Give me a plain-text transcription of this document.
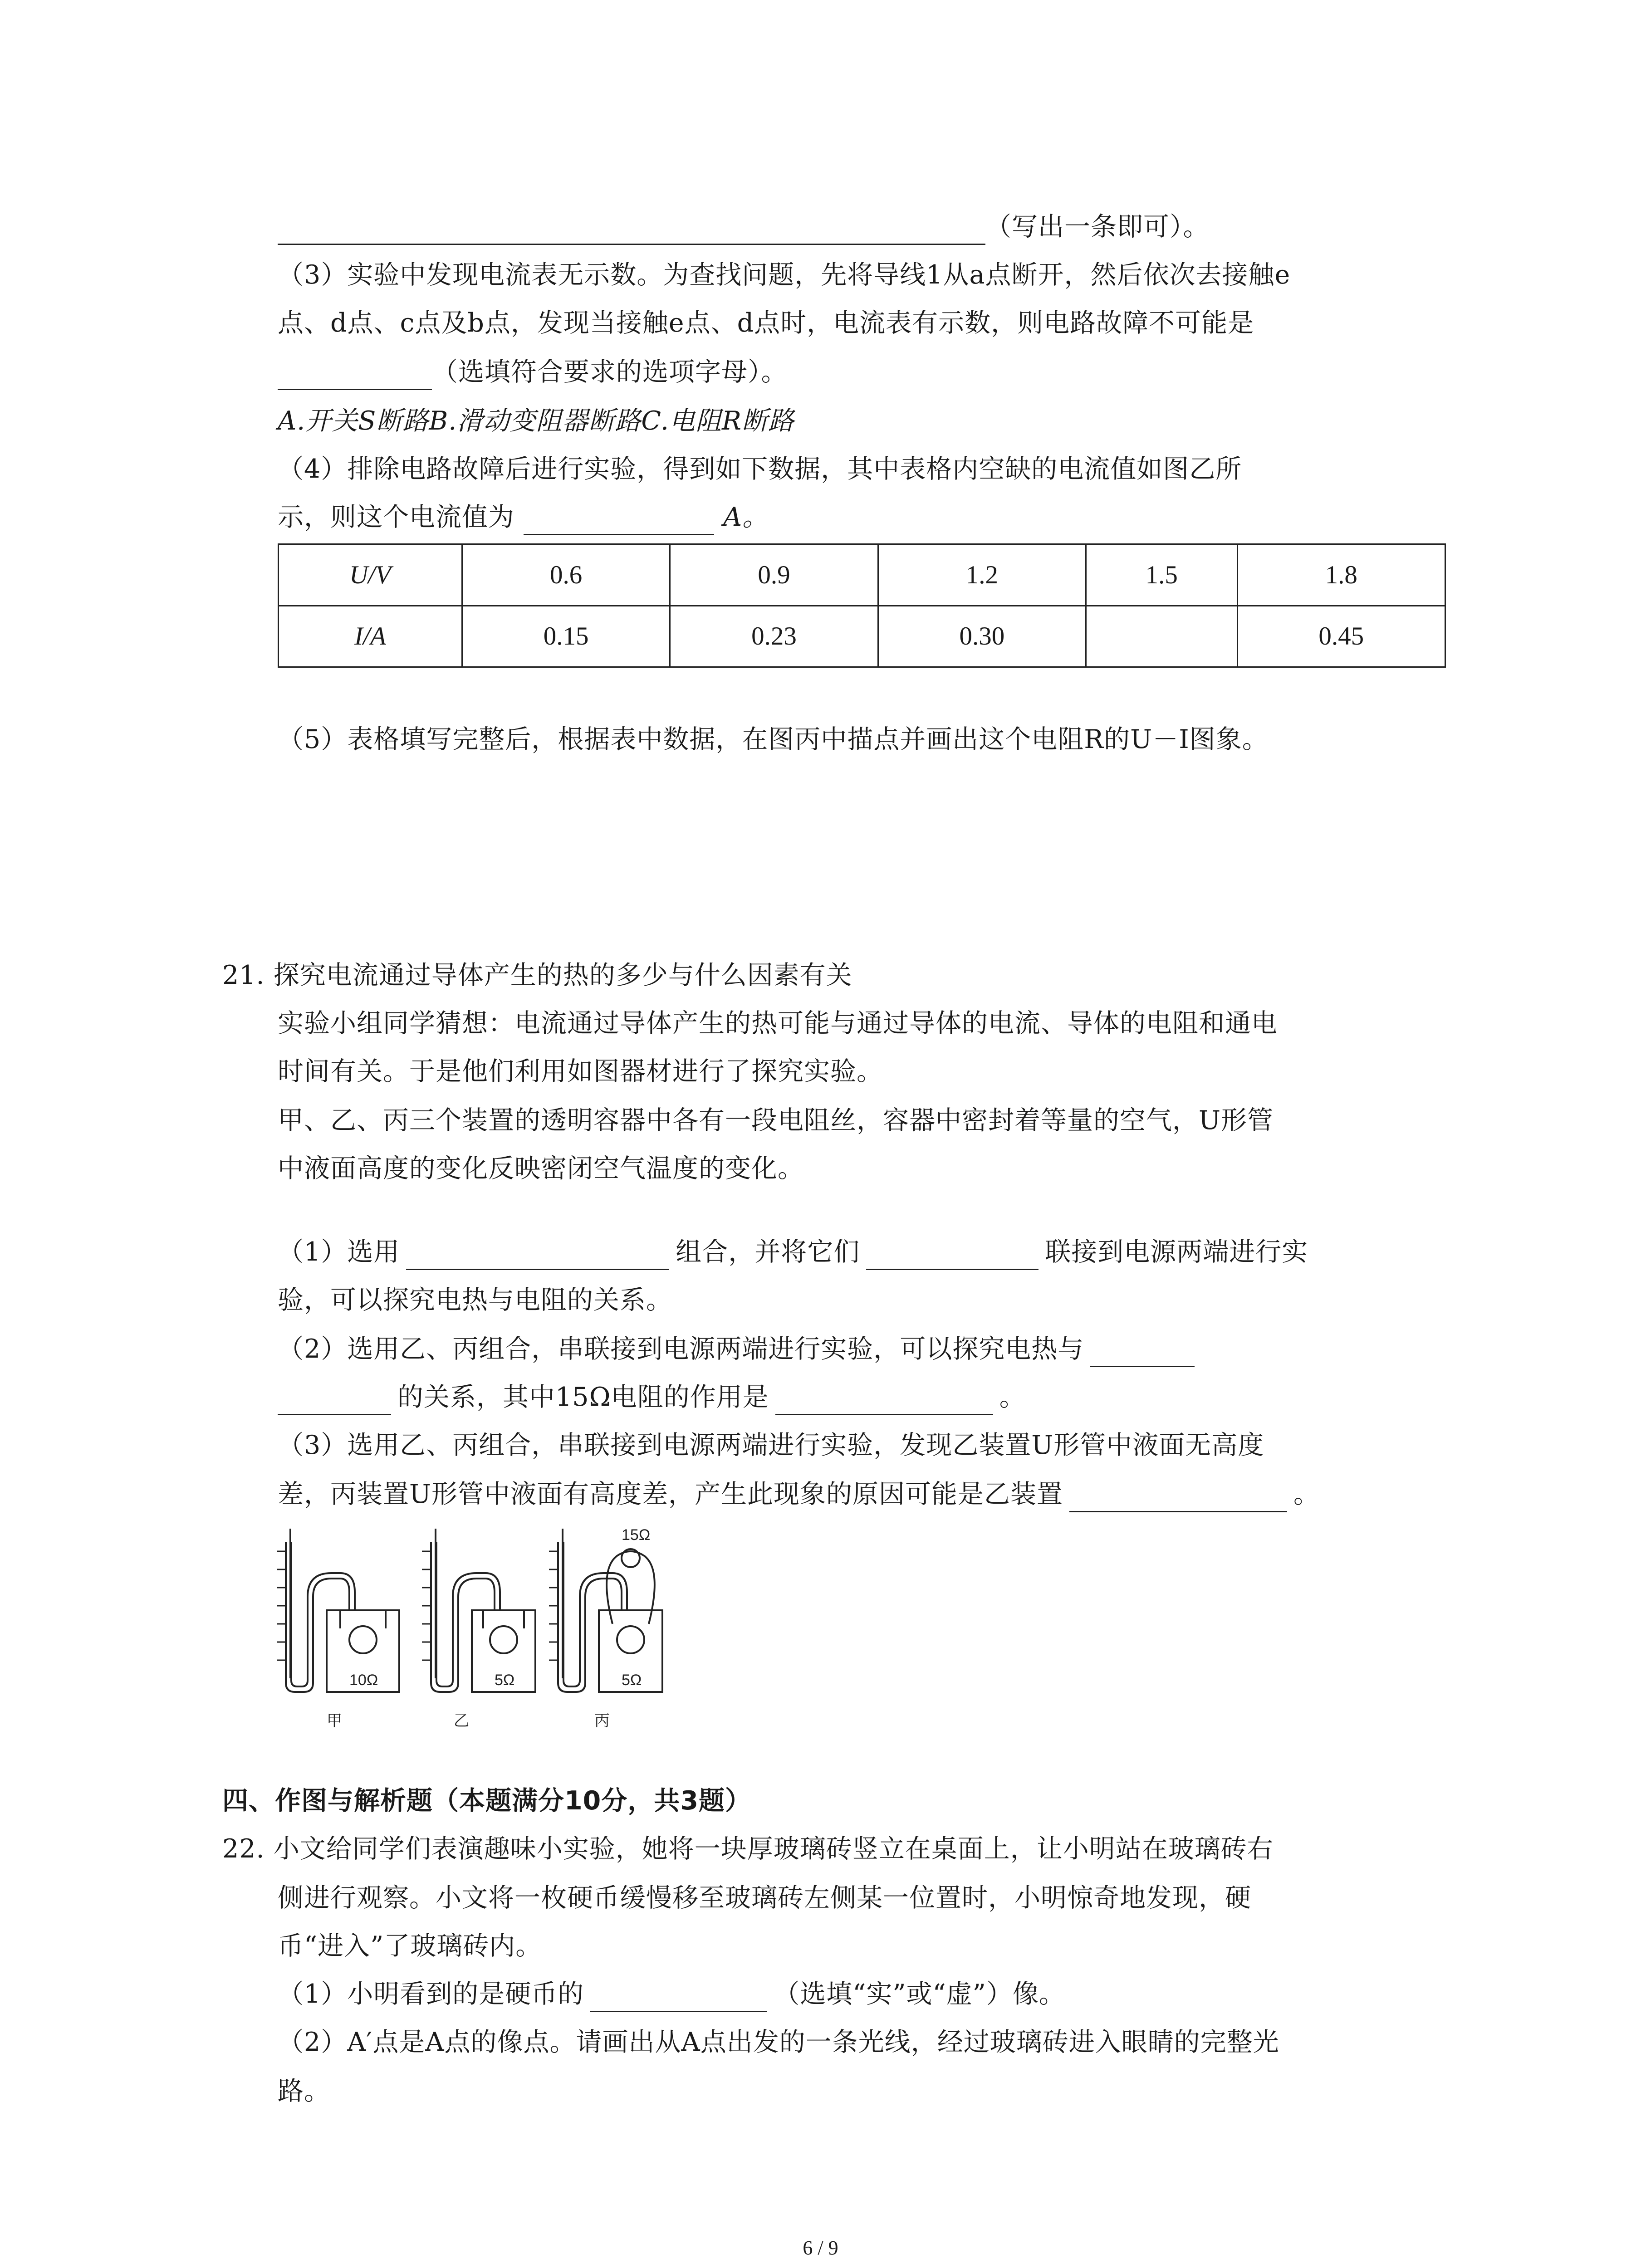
（写出一条即可）。
（3）实验中发现电流表无示数。为查找问题，先将导线1从a点断开，然后依次去接触e
点、d点、c点及b点，发现当接触e点、d点时，电流表有示数，则电路故障不可能是
（选填符合要求的选项字母）。
A.开关S断路B.滑动变阻器断路C.电阻R断路
（4）排除电路故障后进行实验，得到如下数据，其中表格内空缺的电流值如图乙所
示，则这个电流值为	A。
U/V	0.6	0.9	1.2	1.5	1.8
I/A	0.15	0.23	0.30		0.45
（5）表格填写完整后，根据表中数据，在图丙中描点并画出这个电阻R的U－I图象。
21. 探究电流通过导体产生的热的多少与什么因素有关
实验小组同学猜想：电流通过导体产生的热可能与通过导体的电流、导体的电阻和通电
时间有关。于是他们利用如图器材进行了探究实验。
甲、乙、丙三个装置的透明容器中各有一段电阻丝，容器中密封着等量的空气，U形管
中液面高度的变化反映密闭空气温度的变化。
（1）选用	组合，并将它们	联接到电源两端进行实
验，可以探究电热与电阻的关系。
（2）选用乙、丙组合，串联接到电源两端进行实验，可以探究电热与
的关系，其中15Ω电阻的作用是	。
（3）选用乙、丙组合，串联接到电源两端进行实验，发现乙装置U形管中液面无高度
差，丙装置U形管中液面有高度差，产生此现象的原因可能是乙装置	。
10Ω	5Ω	5Ω
15Ω
甲	乙	丙
四、作图与解析题（本题满分10分，共3题）
22. 小文给同学们表演趣味小实验，她将一块厚玻璃砖竖立在桌面上，让小明站在玻璃砖右
侧进行观察。小文将一枚硬币缓慢移至玻璃砖左侧某一位置时，小明惊奇地发现，硬
币“进入”了玻璃砖内。
（1）小明看到的是硬币的	（选填“实”或“虚”）像。
（2）A′点是A点的像点。请画出从A点出发的一条光线，经过玻璃砖进入眼睛的完整光
路。
6 / 9
